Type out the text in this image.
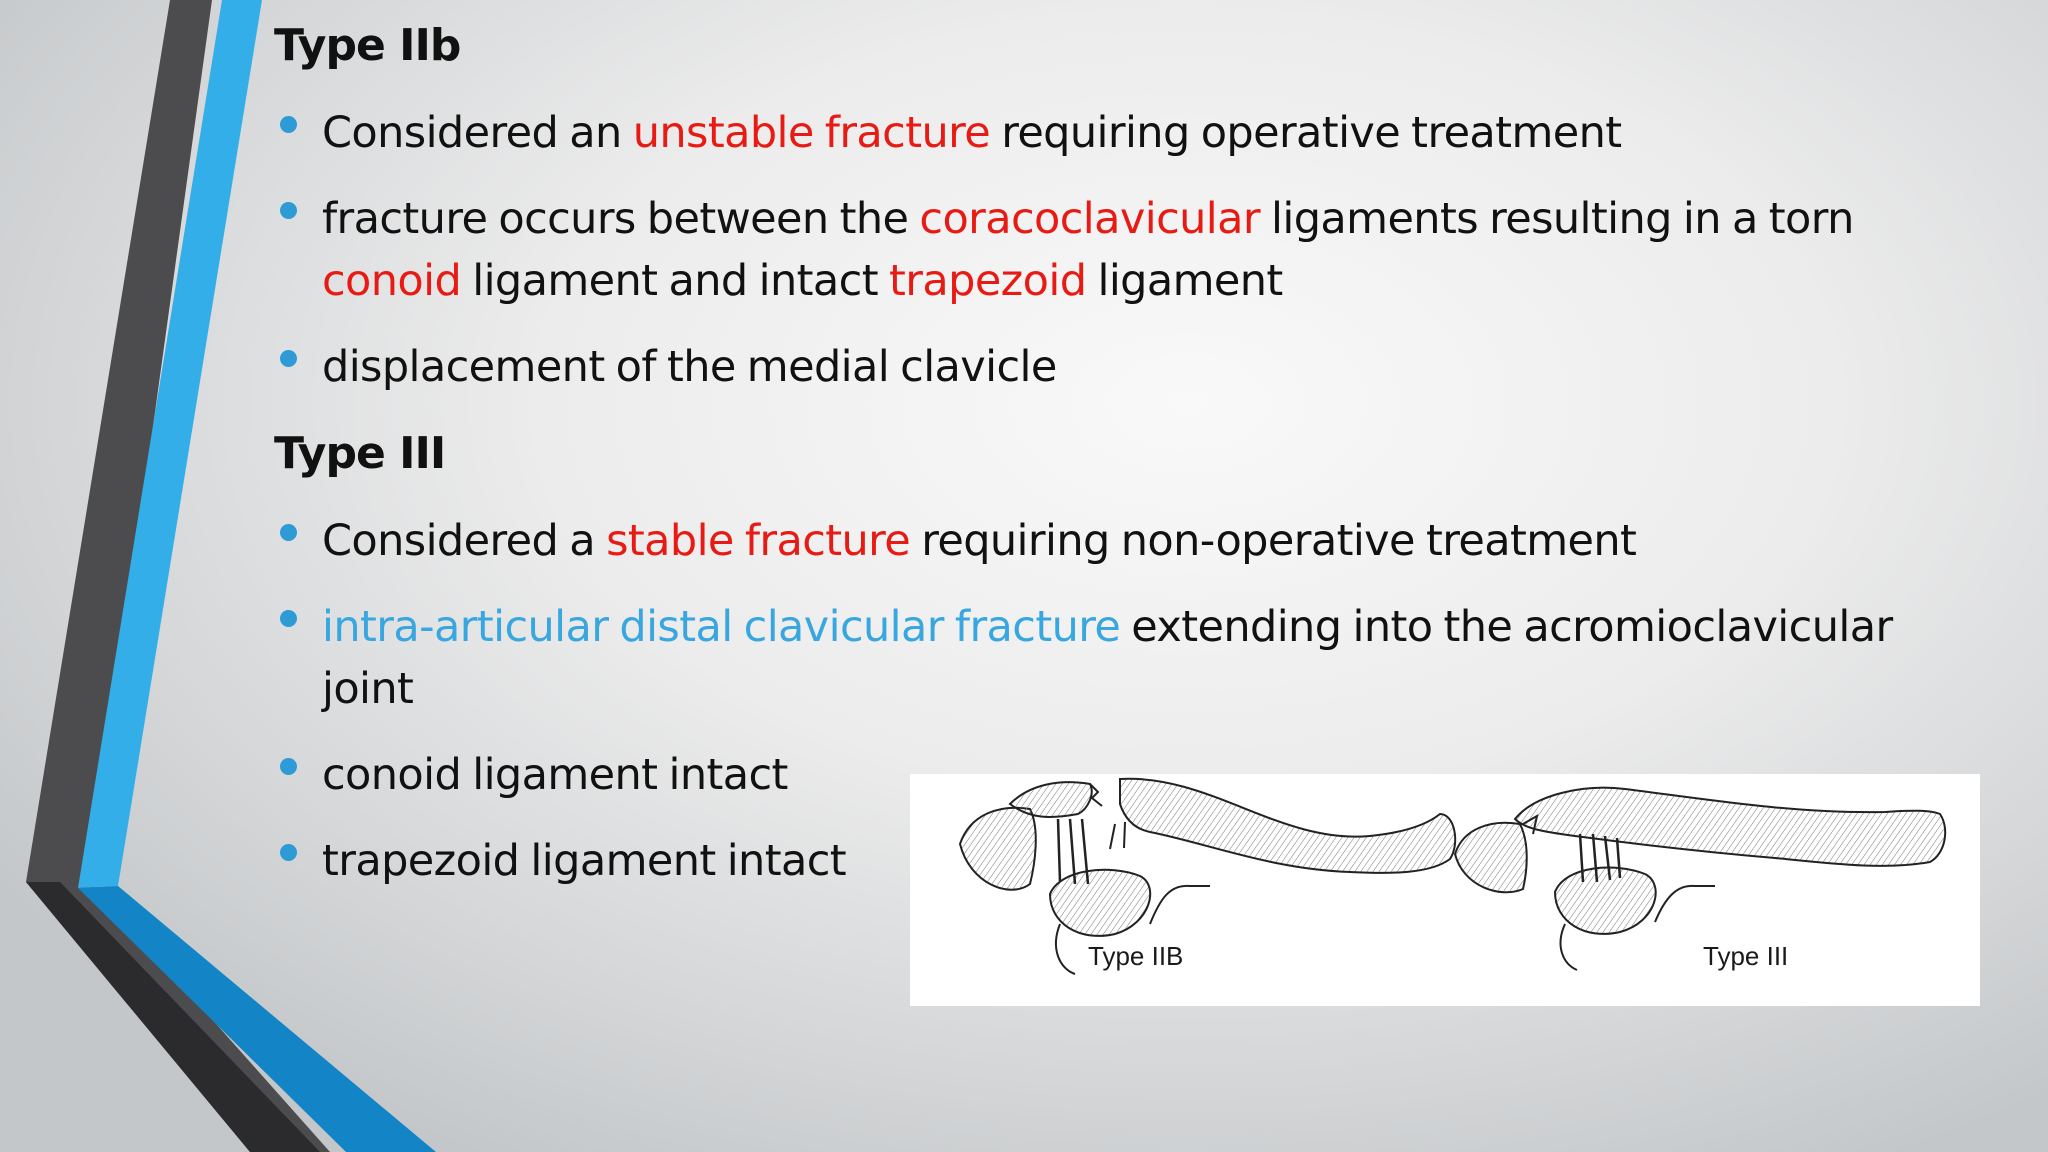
Type IIb
Considered an unstable fracture requiring operative treatment
fracture occurs between the coracoclavicular ligaments resulting in a torn conoid ligament and intact trapezoid ligament
displacement of the medial clavicle
Type III
Considered a stable fracture requiring non-operative treatment
intra-articular distal clavicular fracture extending into the acromioclavicular joint
conoid ligament intact
trapezoid ligament intact
Type IIB	Type III
